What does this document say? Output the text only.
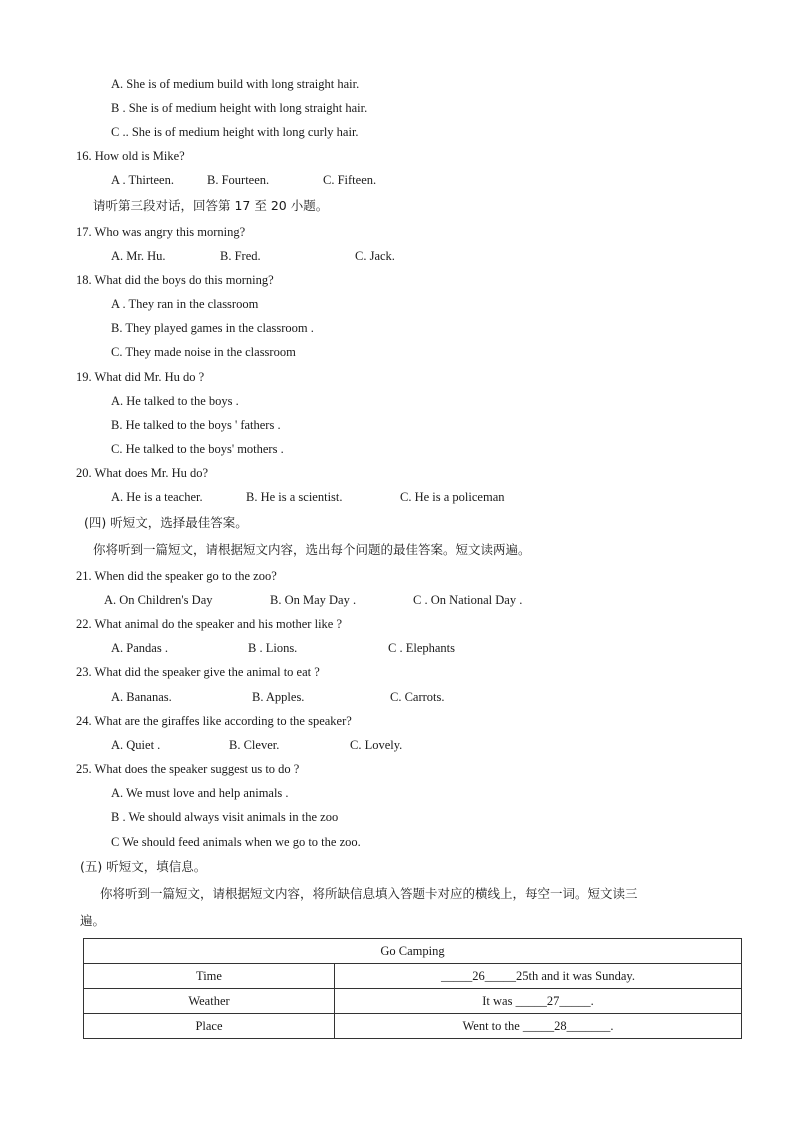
A. She is of medium build with long straight hair.
B . She is of medium height with long straight hair.
C .. She is of medium height with long curly hair.
16. How old is Mike?
A . Thirteen.	B. Fourteen.	C. Fifteen.
请听第三段对话，回答第 17 至 20 小题。
17. Who was angry this morning?
A. Mr. Hu.	B. Fred.	C. Jack.
18. What did the boys do this morning?
A . They ran in the classroom
B. They played games in the classroom .
C. They made noise in the classroom
19. What did Mr. Hu do ?
A. He talked to the boys .
B. He talked to the boys ' fathers .
C. He talked to the boys' mothers .
20. What does Mr. Hu do?
A. He is a teacher.	B. He is a scientist.	C. He is a policeman
(四) 听短文，选择最佳答案。
你将听到一篇短文，请根据短文内容，选出每个问题的最佳答案。短文读两遍。
21. When did the speaker go to the zoo?
A. On Children's Day	B. On May Day .	C . On National Day .
22. What animal do the speaker and his mother like ?
A. Pandas .	B . Lions.	C . Elephants
23. What did the speaker give the animal to eat ?
A. Bananas.	B. Apples.	C. Carrots.
24. What are the giraffes like according to the speaker?
A. Quiet .	B. Clever.	C. Lovely.
25. What does the speaker suggest us to do ?
A. We must love and help animals .
B . We should always visit animals in the zoo
C We should feed animals when we go to the zoo.
(五) 听短文，填信息。
你将听到一篇短文，请根据短文内容，将所缺信息填入答题卡对应的横线上，每空一词。短文读三
遍。
Go Camping	
Time	_____26_____25th and it was Sunday.
Weather	It was _____27_____.
Place	Went to the _____28_______.
